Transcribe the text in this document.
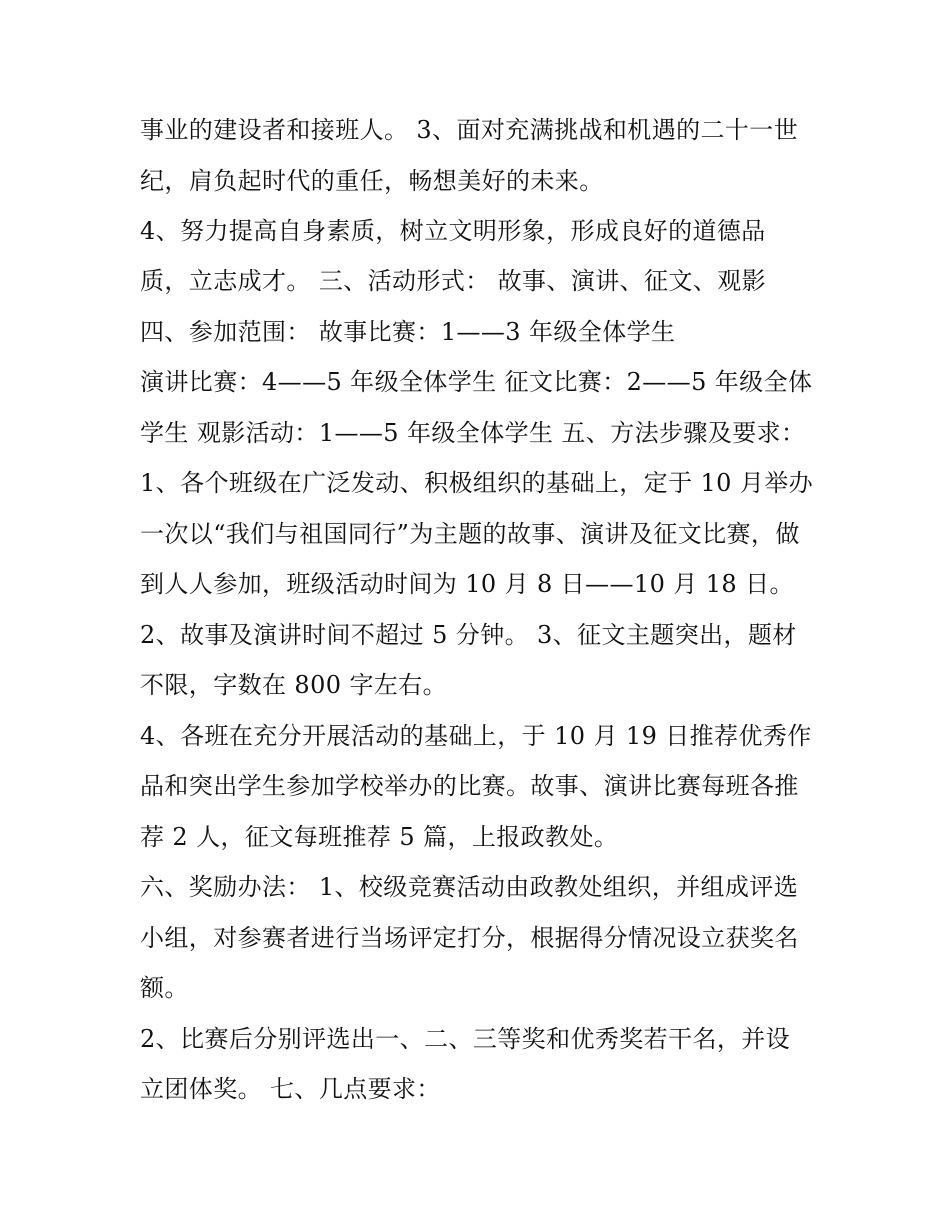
事业的建设者和接班人。 3、面对充满挑战和机遇的二十一世

纪，肩负起时代的重任，畅想美好的未来。

4、努力提高自身素质，树立文明形象，形成良好的道德品

质，立志成才。 三、活动形式： 故事、演讲、征文、观影

四、参加范围： 故事比赛：1——3 年级全体学生

演讲比赛：4——5 年级全体学生 征文比赛：2——5 年级全体

学生 观影活动：1——5 年级全体学生 五、方法步骤及要求：

1、各个班级在广泛发动、积极组织的基础上，定于 10 月举办

一次以“我们与祖国同行”为主题的故事、演讲及征文比赛，做

到人人参加，班级活动时间为 10 月 8 日——10 月 18 日。

2、故事及演讲时间不超过 5 分钟。 3、征文主题突出，题材

不限，字数在 800 字左右。

4、各班在充分开展活动的基础上，于 10 月 19 日推荐优秀作

品和突出学生参加学校举办的比赛。故事、演讲比赛每班各推

荐 2 人，征文每班推荐 5 篇，上报政教处。

六、奖励办法： 1、校级竞赛活动由政教处组织，并组成评选

小组，对参赛者进行当场评定打分，根据得分情况设立获奖名

额。

2、比赛后分别评选出一、二、三等奖和优秀奖若干名，并设

立团体奖。 七、几点要求：
